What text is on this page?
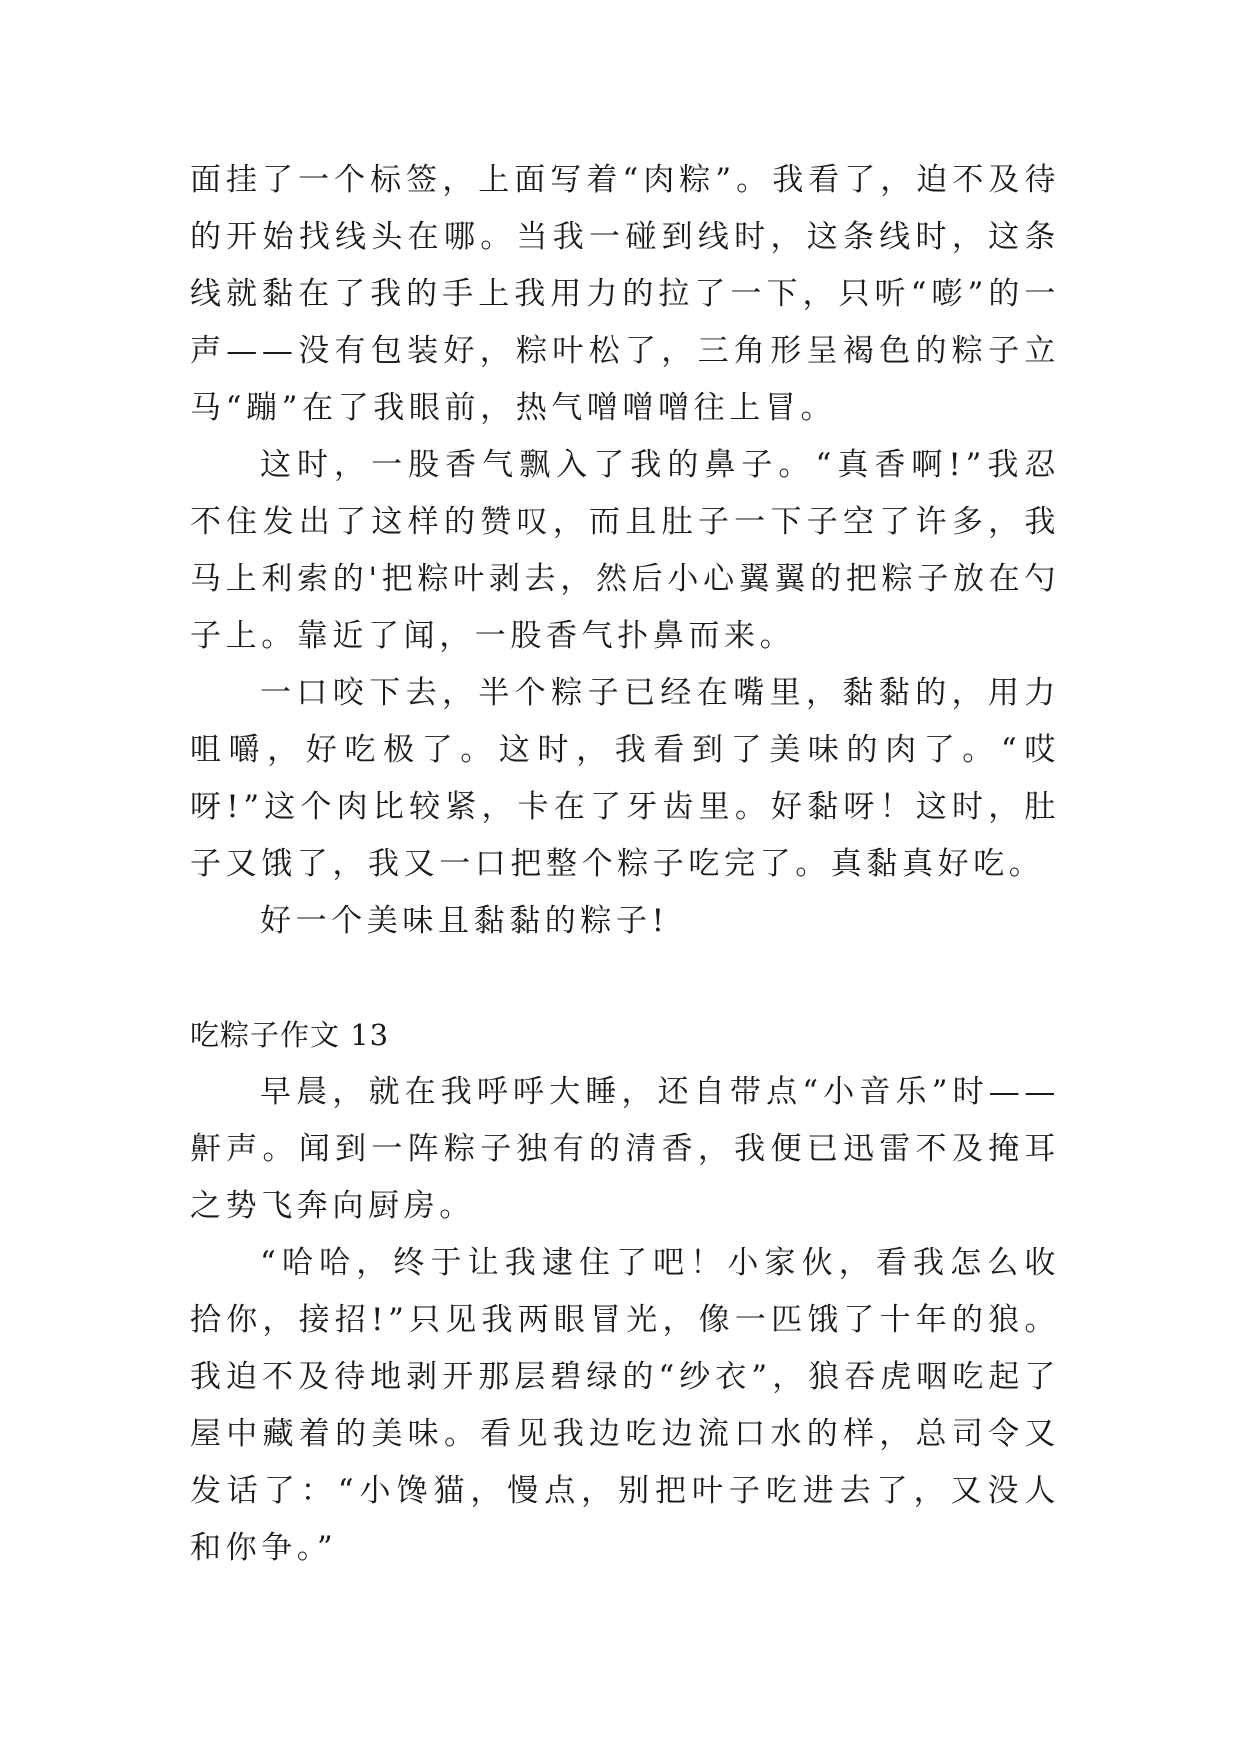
面挂了一个标签，上面写着“肉粽”。我看了，迫不及待的开始找线头在哪。当我一碰到线时，这条线时，这条线就黏在了我的手上我用力的拉了一下，只听“嘭”的一声——没有包装好，粽叶松了，三角形呈褐色的粽子立马“蹦”在了我眼前，热气噌噌噌往上冒。

这时，一股香气飘入了我的鼻子。“真香啊!”我忍不住发出了这样的赞叹，而且肚子一下子空了许多，我马上利索的'把粽叶剥去，然后小心翼翼的把粽子放在勺子上。靠近了闻，一股香气扑鼻而来。

一口咬下去，半个粽子已经在嘴里，黏黏的，用力咀嚼，好吃极了。这时，我看到了美味的肉了。“哎呀!”这个肉比较紧，卡在了牙齿里。好黏呀！这时，肚子又饿了，我又一口把整个粽子吃完了。真黏真好吃。

好一个美味且黏黏的粽子!

吃粽子作文 13

早晨，就在我呼呼大睡，还自带点“小音乐”时——鼾声。闻到一阵粽子独有的清香，我便已迅雷不及掩耳之势飞奔向厨房。

“哈哈，终于让我逮住了吧！小家伙，看我怎么收拾你，接招!”只见我两眼冒光，像一匹饿了十年的狼。我迫不及待地剥开那层碧绿的“纱衣”，狼吞虎咽吃起了屋中藏着的美味。看见我边吃边流口水的样，总司令又发话了：“小馋猫，慢点，别把叶子吃进去了，又没人和你争。”
